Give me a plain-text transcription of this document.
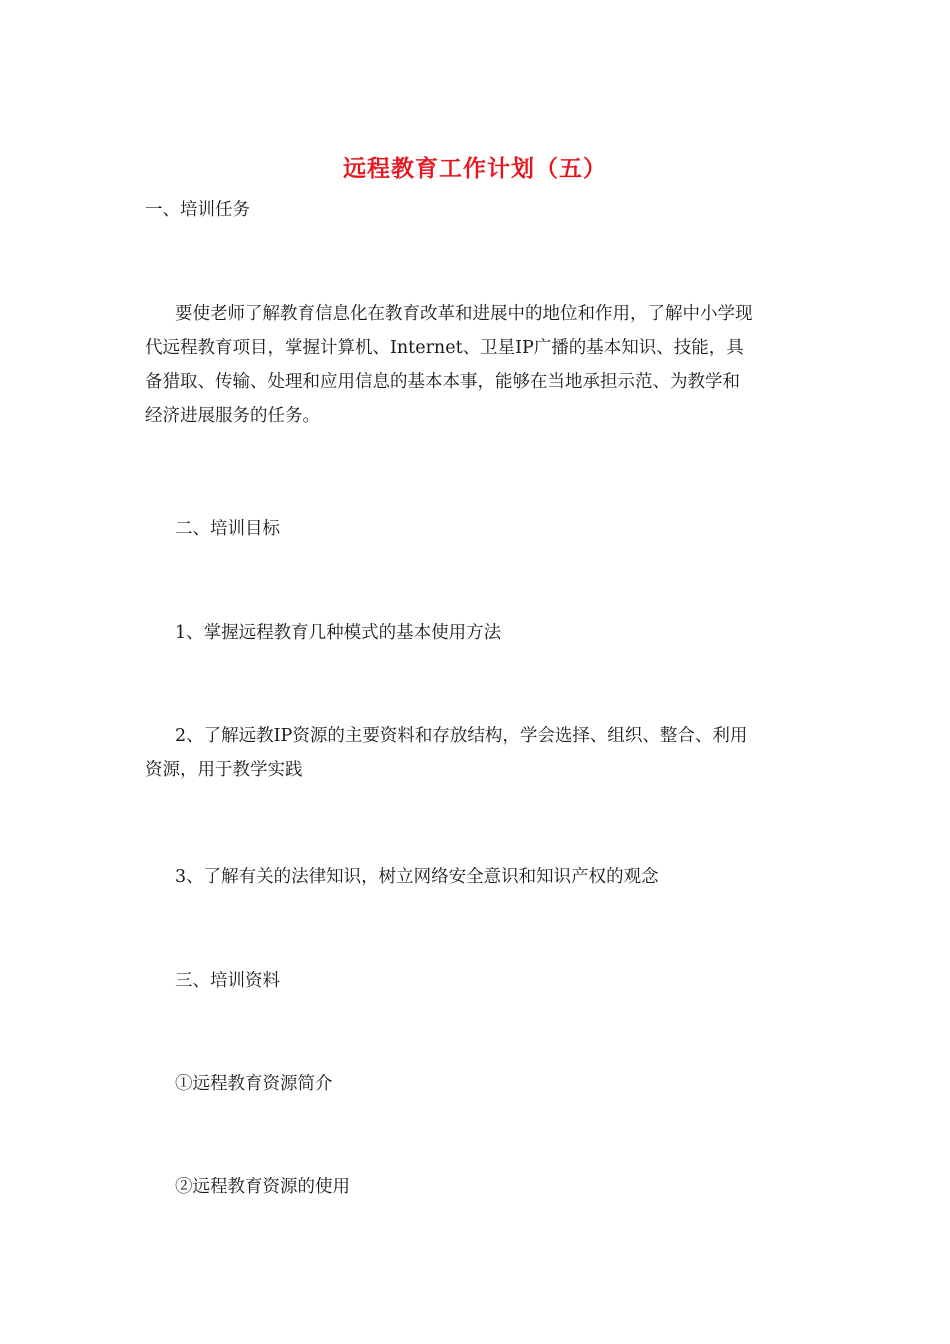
远程教育工作计划（五）
一、培训任务
要使老师了解教育信息化在教育改革和进展中的地位和作用，了解中小学现
代远程教育项目，掌握计算机、Internet、卫星IP广播的基本知识、技能，具
备猎取、传输、处理和应用信息的基本本事，能够在当地承担示范、为教学和
经济进展服务的任务。
二、培训目标
1、掌握远程教育几种模式的基本使用方法
2、了解远教IP资源的主要资料和存放结构，学会选择、组织、整合、利用
资源，用于教学实践
3、了解有关的法律知识，树立网络安全意识和知识产权的观念
三、培训资料
①远程教育资源简介
②远程教育资源的使用
